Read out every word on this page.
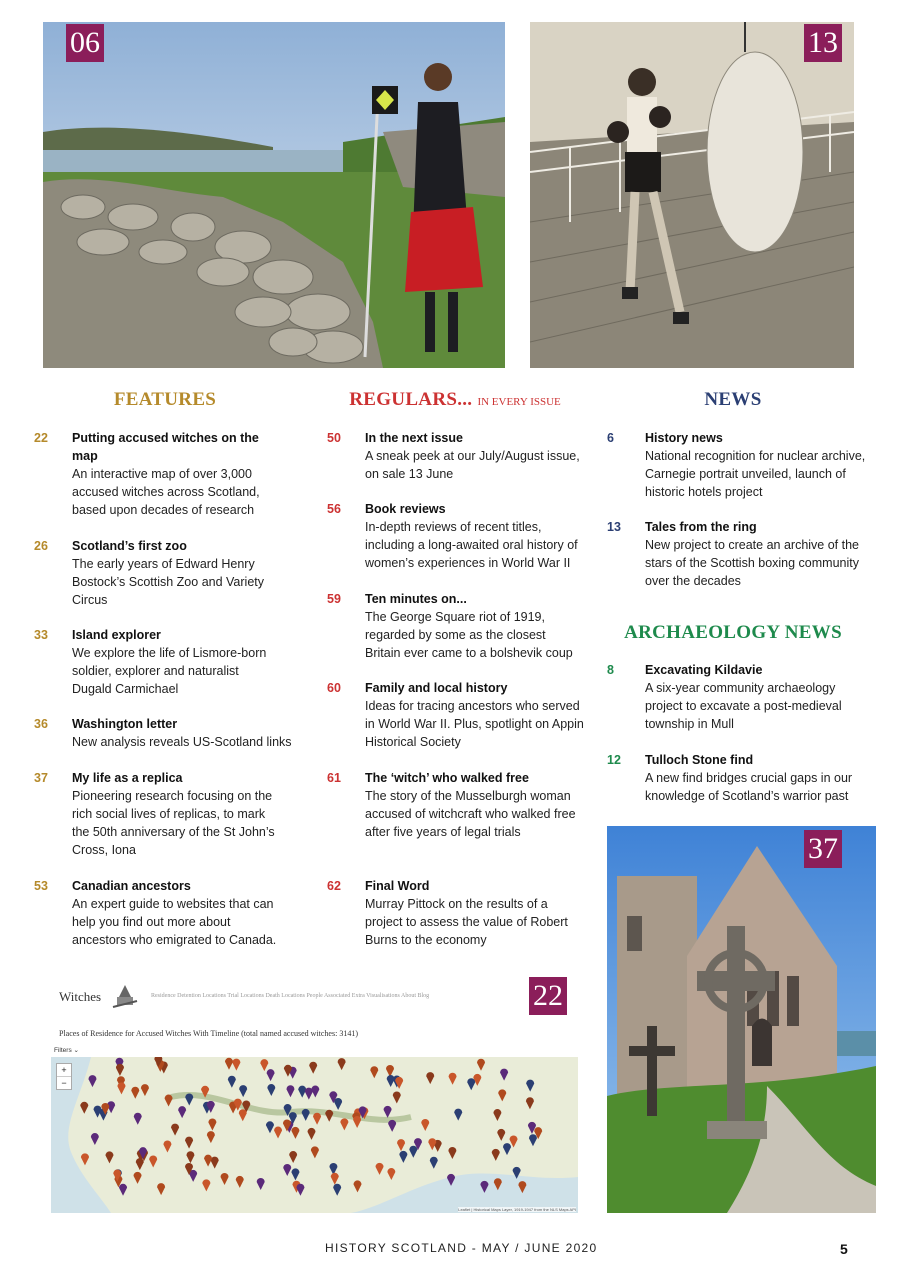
06	13
FEATURES	REGULARS... IN EVERY ISSUE	NEWS
ARCHAEOLOGY NEWS
22 Putting accused witches on the map
An interactive map of over 3,000 accused witches across Scotland, based upon decades of research
26 Scotland’s first zoo
The early years of Edward Henry Bostock’s Scottish Zoo and Variety Circus
33 Island explorer
We explore the life of Lismore-born soldier, explorer and naturalist Dugald Carmichael
36 Washington letter
New analysis reveals US-Scotland links
37 My life as a replica
Pioneering research focusing on the rich social lives of replicas, to mark the 50th anniversary of the St John’s Cross, Iona
53 Canadian ancestors
An expert guide to websites that can help you find out more about ancestors who emigrated to Canada.
50 In the next issue
A sneak peek at our July/August issue, on sale 13 June
56 Book reviews
In-depth reviews of recent titles, including a long-awaited oral history of women’s experiences in World War II
59 Ten minutes on...
The George Square riot of 1919, regarded by some as the closest Britain ever came to a bolshevik coup
60 Family and local history
Ideas for tracing ancestors who served in World War II. Plus, spotlight on Appin Historical Society
61 The ‘witch’ who walked free
The story of the Musselburgh woman accused of witchcraft who walked free after five years of legal trials
62 Final Word
Murray Pittock on the results of a project to assess the value of Robert Burns to the economy
6 History news
National recognition for nuclear archive, Carnegie portrait unveiled, launch of historic hotels project
13 Tales from the ring
New project to create an archive of the stars of the Scottish boxing community over the decades
8 Excavating Kildavie
A six-year community archaeology project to excavate a post-medieval township in Mull
12 Tulloch Stone find
A new find bridges crucial gaps in our knowledge of Scotland’s warrior past
Witches	Residence Detention Locations Trial Locations Death Locations People Associated Extra Visualisations About Blog
Places of Residence for Accused Witches With Timeline (total named accused witches: 3141)
Filters ⌄
+
−
Leaflet | Historical Maps Layer, 1919-1947 from the NLS Maps API
22
37
HISTORY SCOTLAND - MAY / JUNE 2020	5
